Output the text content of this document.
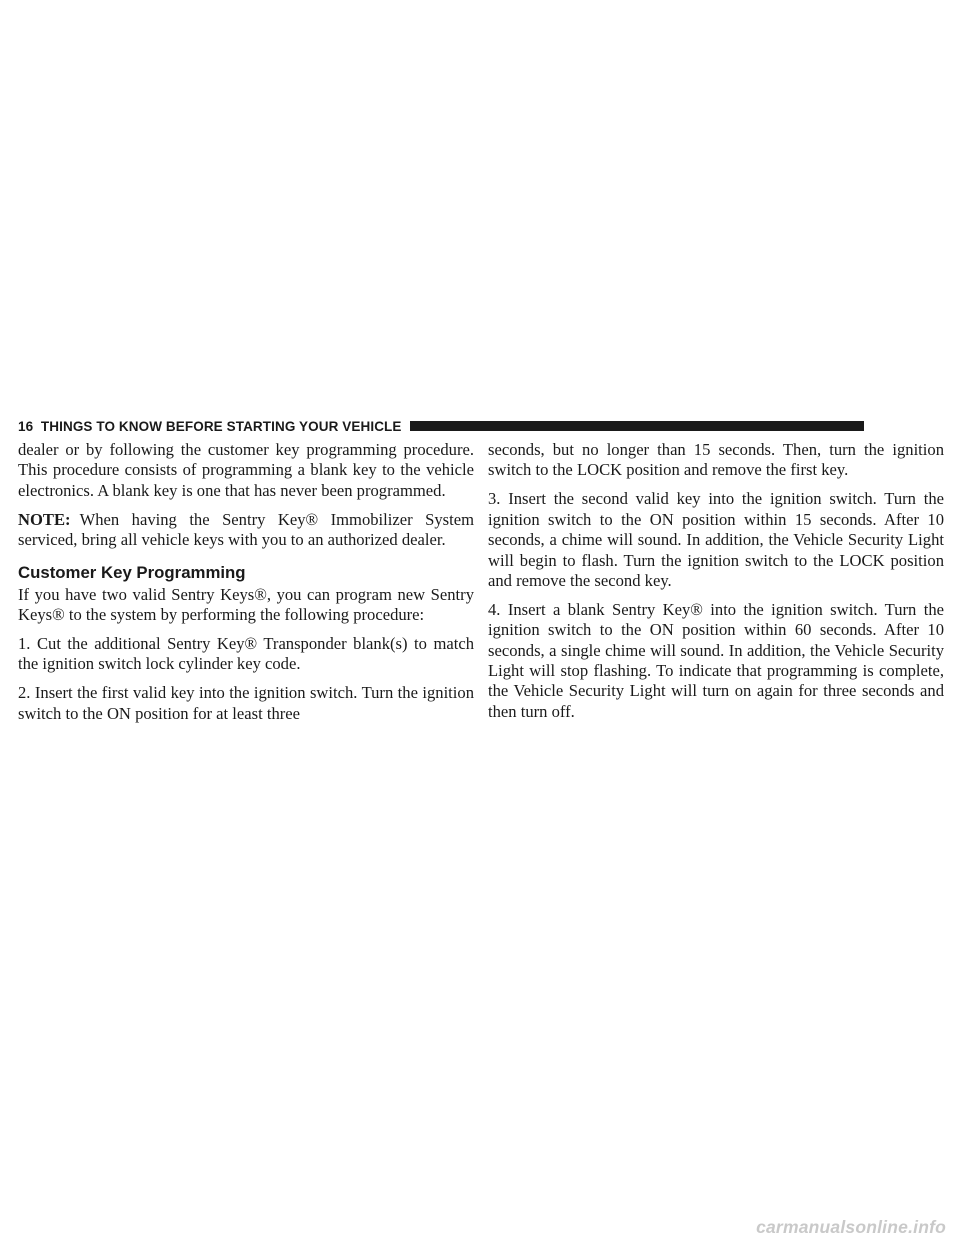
16 THINGS TO KNOW BEFORE STARTING YOUR VEHICLE

dealer or by following the customer key programming procedure. This procedure consists of programming a blank key to the vehicle electronics. A blank key is one that has never been programmed.

NOTE: When having the Sentry Key® Immobilizer System serviced, bring all vehicle keys with you to an authorized dealer.

Customer Key Programming

If you have two valid Sentry Keys®, you can program new Sentry Keys® to the system by performing the following procedure:

1. Cut the additional Sentry Key® Transponder blank(s) to match the ignition switch lock cylinder key code.

2. Insert the first valid key into the ignition switch. Turn the ignition switch to the ON position for at least three

seconds, but no longer than 15 seconds. Then, turn the ignition switch to the LOCK position and remove the first key.

3. Insert the second valid key into the ignition switch. Turn the ignition switch to the ON position within 15 seconds. After 10 seconds, a chime will sound. In addition, the Vehicle Security Light will begin to flash. Turn the ignition switch to the LOCK position and remove the second key.

4. Insert a blank Sentry Key® into the ignition switch. Turn the ignition switch to the ON position within 60 seconds. After 10 seconds, a single chime will sound. In addition, the Vehicle Security Light will stop flashing. To indicate that programming is complete, the Vehicle Security Light will turn on again for three seconds and then turn off.

carmanualsonline.info
